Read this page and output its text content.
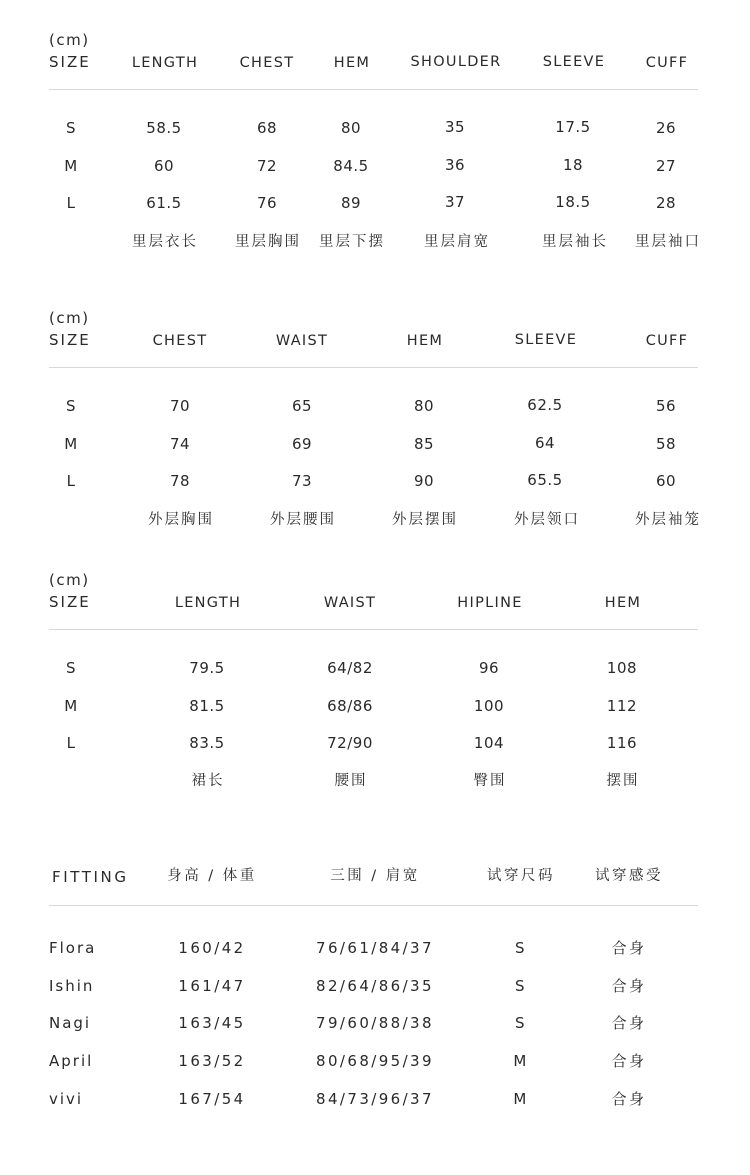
(cm)
SIZE	LENGTH	CHEST	HEM	SHOULDER	SLEEVE	CUFF
S	58.5	68	80	35	17.5	26
M	60	72	84.5	36	18	27
L	61.5	76	89	37	18.5	28
里层衣长	里层胸围 里层下摆	里层肩宽	里层袖长 里层袖口
(cm)
SIZE	CHEST	WAIST	HEM	SLEEVE	CUFF
S	70	65	80	62.5	56
M	74	69	85	64	58
L	78	73	90	65.5	60
外层胸围	外层腰围	外层摆围	外层领口	外层袖笼
(cm)
SIZE	LENGTH	WAIST	HIPLINE	HEM
S	79.5	64/82	96	108
M	81.5	68/86	100	112
L	83.5	72/90	104	116
裙长	腰围	臀围	摆围
FITTING	身高 / 体重	三围 / 肩宽	试穿尺码	试穿感受
Flora	160/42	76/61/84/37	S	合身
Ishin	161/47	82/64/86/35	S	合身
Nagi	163/45	79/60/88/38	S	合身
April	163/52	80/68/95/39	M	合身
vivi	167/54	84/73/96/37	M	合身
